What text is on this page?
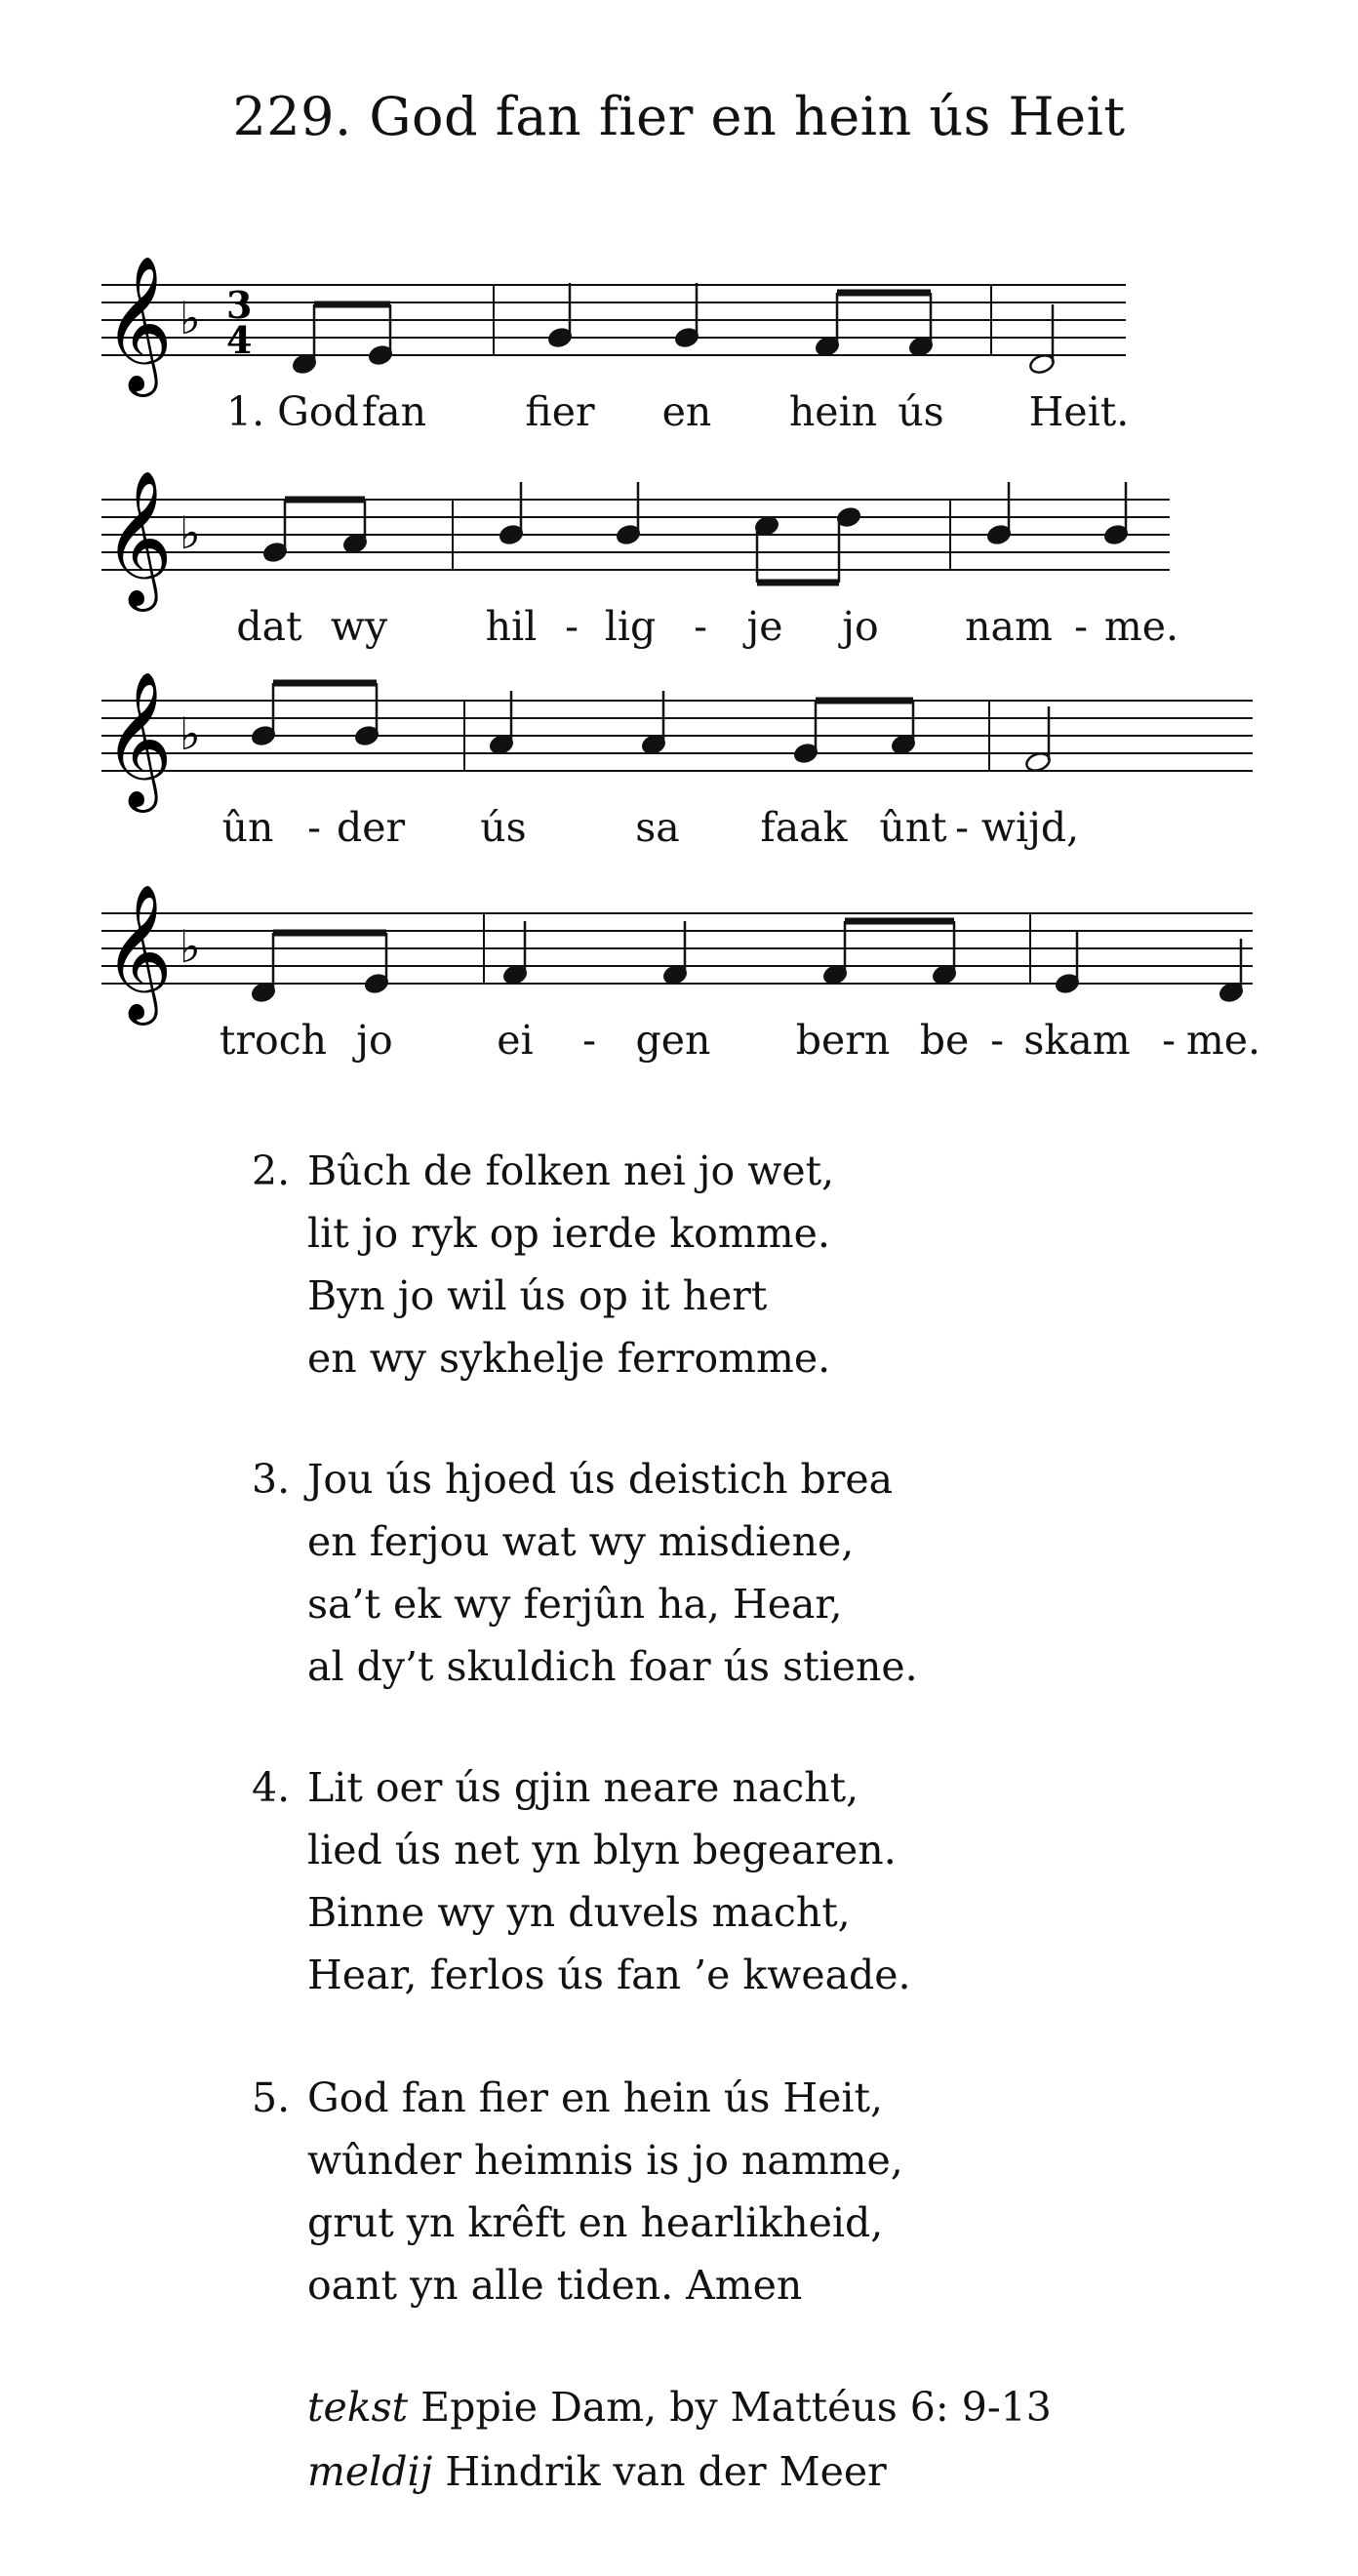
229. God fan fier en hein ús Heit
𝄞 ♭ 3
4
1. God fan fier en hein ús Heit.
𝄞 ♭
dat wy hil - lig - je jo nam - me.
𝄞 ♭
ûn - der ús	sa faak ûnt - wijd,
𝄞 ♭
troch jo	ei - gen bern be - skam - me.
2. Bûch de folken nei jo wet,
lit jo ryk op ierde komme.
Byn jo wil ús op it hert
en wy sykhelje ferromme.
3. Jou ús hjoed ús deistich brea
en ferjou wat wy misdiene,
sa’t ek wy ferjûn ha, Hear,
al dy’t skuldich foar ús stiene.
4. Lit oer ús gjin neare nacht,
lied ús net yn blyn begearen.
Binne wy yn duvels macht,
Hear, ferlos ús fan ’e kweade.
5. God fan fier en hein ús Heit,
wûnder heimnis is jo namme,
grut yn krêft en hearlikheid,
oant yn alle tiden. Amen
tekst Eppie Dam, by Mattéus 6: 9-13
meldij Hindrik van der Meer
